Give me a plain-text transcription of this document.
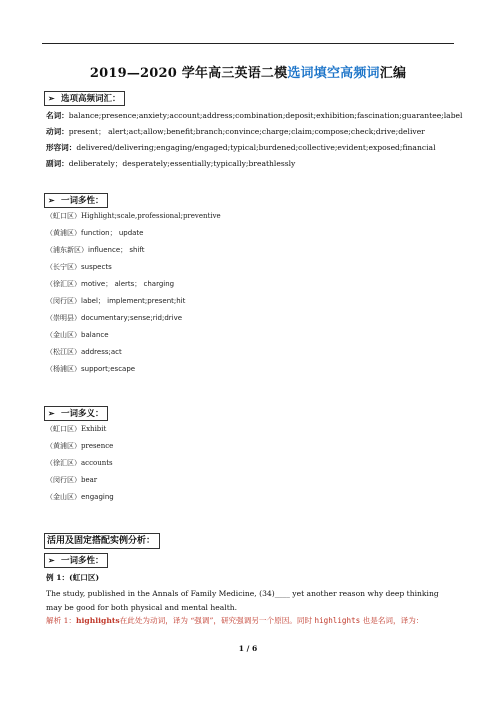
2019—2020 学年高三英语二模选词填空高频词汇编
➢ 选项高频词汇：
名词：balance;presence;anxiety;account;address;combination;deposit;exhibition;fascination;guarantee;label
动词：present； alert;act;allow;benefit;branch;convince;charge;claim;compose;check;drive;deliver
形容词：delivered/delivering;engaging/engaged;typical;burdened;collective;evident;exposed;financial
副词：deliberately；desperately;essentially;typically;breathlessly
➢ 一词多性：
（虹口区）Highlight;scale,professional;preventive
（黄浦区）function； update
（浦东新区）influence； shift
（长宁区）suspects
（徐汇区）motive； alerts； charging
（闵行区）label； implement;present;hit
（崇明县）documentary;sense;rid;drive
（金山区）balance
（松江区）address;act
（杨浦区）support;escape
➢ 一词多义：
（虹口区）Exhibit
（黄浦区）presence
（徐汇区）accounts
（闵行区）bear
（金山区）engaging
活用及固定搭配实例分析：
➢ 一词多性：
例 1：(虹口区)
The study, published in the Annals of Family Medicine, (34)____ yet another reason why deep thinking may be good for both physical and mental health.
解析 1：highlights在此处为动词，译为 “强调”，研究强调另一个原因。同时 highlights 也是名词，译为：
1 / 6
